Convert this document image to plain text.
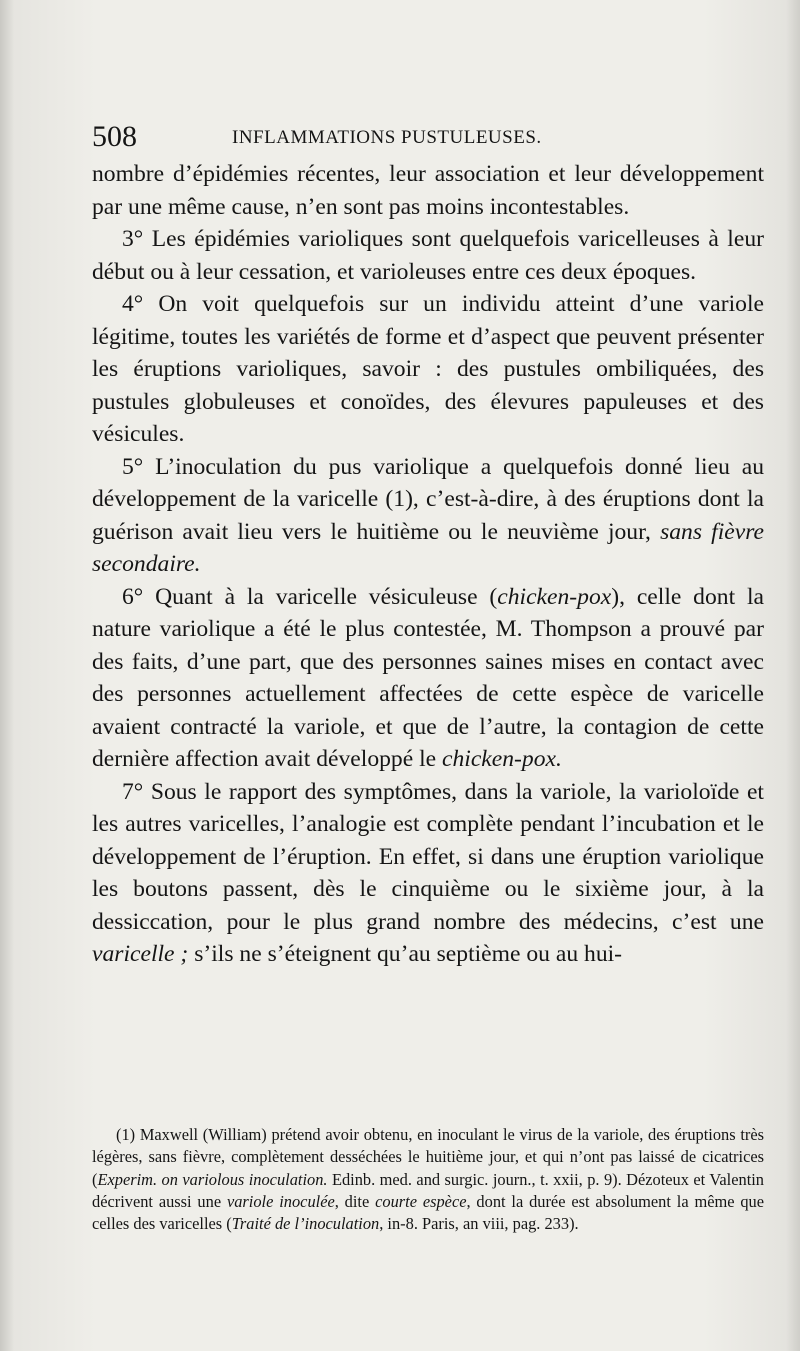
508	INFLAMMATIONS PUSTULEUSES.

nombre d’épidémies récentes, leur association et leur développement par une même cause, n’en sont pas moins incontestables.

3° Les épidémies varioliques sont quelquefois varicelleuses à leur début ou à leur cessation, et varioleuses entre ces deux époques.

4° On voit quelquefois sur un individu atteint d’une variole légitime, toutes les variétés de forme et d’aspect que peuvent présenter les éruptions varioliques, savoir : des pustules ombiliquées, des pustules globuleuses et conoïdes, des élevures papuleuses et des vésicules.

5° L’inoculation du pus variolique a quelquefois donné lieu au développement de la varicelle (1), c’est-à-dire, à des éruptions dont la guérison avait lieu vers le huitième ou le neuvième jour, sans fièvre secondaire.

6° Quant à la varicelle vésiculeuse (chicken-pox), celle dont la nature variolique a été le plus contestée, M. Thompson a prouvé par des faits, d’une part, que des personnes saines mises en contact avec des personnes actuellement affectées de cette espèce de varicelle avaient contracté la variole, et que de l’autre, la contagion de cette dernière affection avait développé le chicken-pox.

7° Sous le rapport des symptômes, dans la variole, la varioloïde et les autres varicelles, l’analogie est complète pendant l’incubation et le développement de l’éruption. En effet, si dans une éruption variolique les boutons passent, dès le cinquième ou le sixième jour, à la dessiccation, pour le plus grand nombre des médecins, c’est une varicelle ; s’ils ne s’éteignent qu’au septième ou au hui-

(1) Maxwell (William) prétend avoir obtenu, en inoculant le virus de la variole, des éruptions très légères, sans fièvre, complètement desséchées le huitième jour, et qui n’ont pas laissé de cicatrices (Experim. on variolous inoculation. Edinb. med. and surgic. journ., t. xxii, p. 9). Dézoteux et Valentin décrivent aussi une variole inoculée, dite courte espèce, dont la durée est absolument la même que celles des varicelles (Traité de l’inoculation, in-8. Paris, an viii, pag. 233).
